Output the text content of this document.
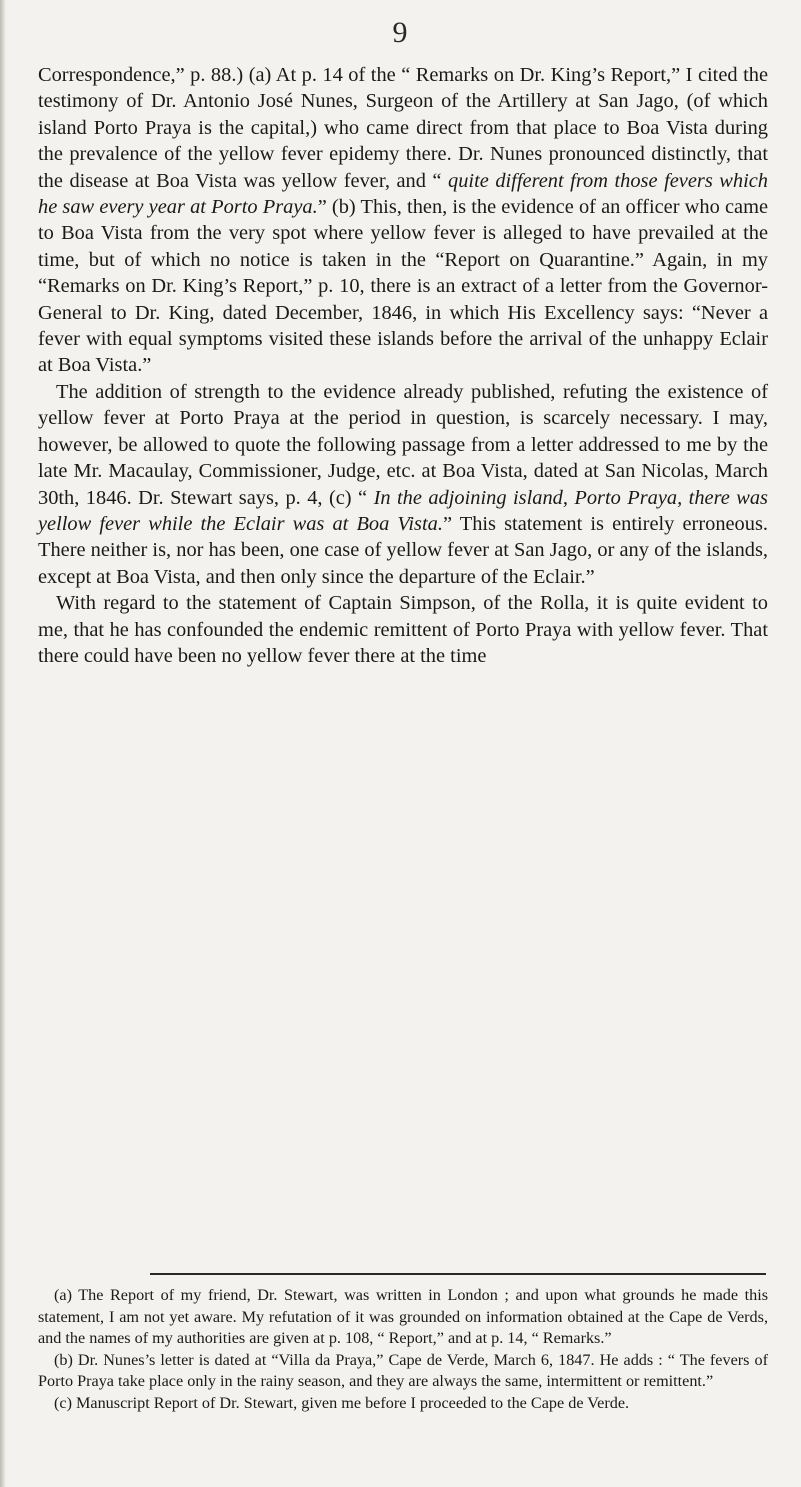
9

Correspondence,” p. 88.) (a) At p. 14 of the “ Remarks on Dr. King’s Report,” I cited the testimony of Dr. Antonio José Nunes, Surgeon of the Artillery at San Jago, (of which island Porto Praya is the capital,) who came direct from that place to Boa Vista during the prevalence of the yellow fever epidemy there. Dr. Nunes pronounced distinctly, that the disease at Boa Vista was yellow fever, and “ quite different from those fevers which he saw every year at Porto Praya.” (b) This, then, is the evidence of an officer who came to Boa Vista from the very spot where yellow fever is alleged to have prevailed at the time, but of which no notice is taken in the “Report on Quarantine.” Again, in my “Remarks on Dr. King’s Report,” p. 10, there is an extract of a letter from the Governor-General to Dr. King, dated December, 1846, in which His Excellency says: “Never a fever with equal symptoms visited these islands before the arrival of the unhappy Eclair at Boa Vista.”

The addition of strength to the evidence already published, refuting the existence of yellow fever at Porto Praya at the period in question, is scarcely necessary. I may, however, be allowed to quote the following passage from a letter addressed to me by the late Mr. Macaulay, Commissioner, Judge, etc. at Boa Vista, dated at San Nicolas, March 30th, 1846. Dr. Stewart says, p. 4, (c) “ In the adjoining island, Porto Praya, there was yellow fever while the Eclair was at Boa Vista.” This statement is entirely erroneous. There neither is, nor has been, one case of yellow fever at San Jago, or any of the islands, except at Boa Vista, and then only since the departure of the Eclair.”

With regard to the statement of Captain Simpson, of the Rolla, it is quite evident to me, that he has confounded the endemic remittent of Porto Praya with yellow fever. That there could have been no yellow fever there at the time

(a) The Report of my friend, Dr. Stewart, was written in London ; and upon what grounds he made this statement, I am not yet aware. My refutation of it was grounded on information obtained at the Cape de Verds, and the names of my authorities are given at p. 108, “ Report,” and at p. 14, “ Remarks.”

(b) Dr. Nunes’s letter is dated at “Villa da Praya,” Cape de Verde, March 6, 1847. He adds : “ The fevers of Porto Praya take place only in the rainy season, and they are always the same, intermittent or remittent.”

(c) Manuscript Report of Dr. Stewart, given me before I proceeded to the Cape de Verde.
